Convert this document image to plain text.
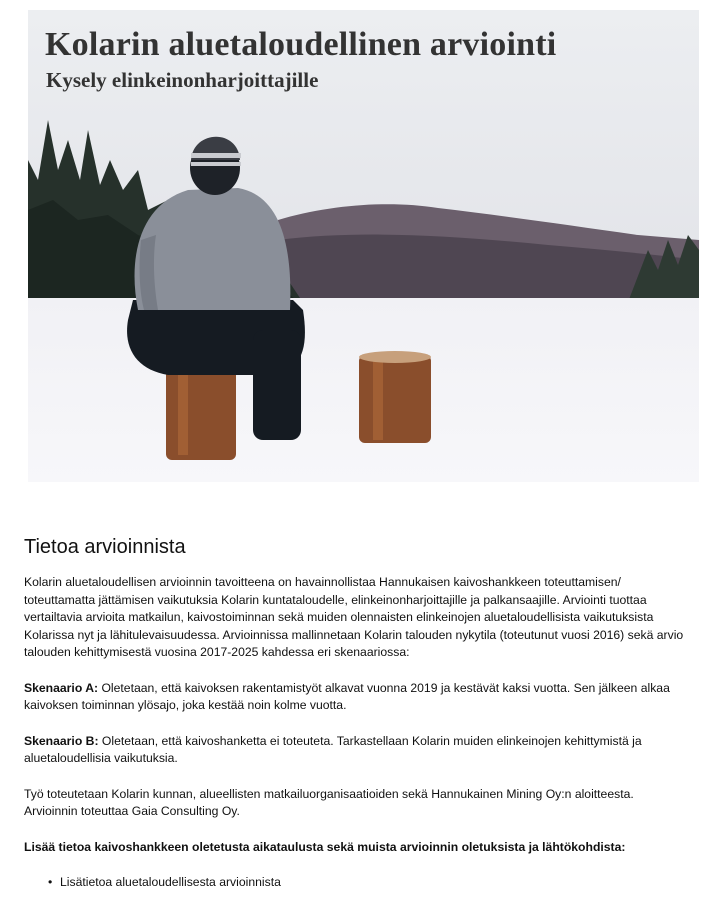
Kolarin aluetaloudellinen arviointi
Kysely elinkeinonharjoittajille
Tietoa arvioinnista

Kolarin aluetaloudellisen arvioinnin tavoitteena on havainnollistaa Hannukaisen kaivoshankkeen toteuttamisen/ toteuttamatta jättämisen vaikutuksia Kolarin kuntataloudelle, elinkeinonharjoittajille ja palkansaajille. Arviointi tuottaa vertailtavia arvioita matkailun, kaivostoiminnan sekä muiden olennaisten elinkeinojen aluetaloudellisista vaikutuksista Kolarissa nyt ja lähitulevaisuudessa. Arvioinnissa mallinnetaan Kolarin talouden nykytila (toteutunut vuosi 2016) sekä arvio talouden kehittymisestä vuosina 2017-2025 kahdessa eri skenaariossa:

Skenaario A: Oletetaan, että kaivoksen rakentamistyöt alkavat vuonna 2019 ja kestävät kaksi vuotta. Sen jälkeen alkaa kaivoksen toiminnan ylösajo, joka kestää noin kolme vuotta.

Skenaario B: Oletetaan, että kaivoshanketta ei toteuteta. Tarkastellaan Kolarin muiden elinkeinojen kehittymistä ja aluetaloudellisia vaikutuksia.

Työ toteutetaan Kolarin kunnan, alueellisten matkailuorganisaatioiden sekä Hannukainen Mining Oy:n aloitteesta. Arvioinnin toteuttaa Gaia Consulting Oy.

Lisää tietoa kaivoshankkeen oletetusta aikataulusta sekä muista arvioinnin oletuksista ja lähtökohdista:

• Lisätietoa aluetaloudellisesta arvioinnista
